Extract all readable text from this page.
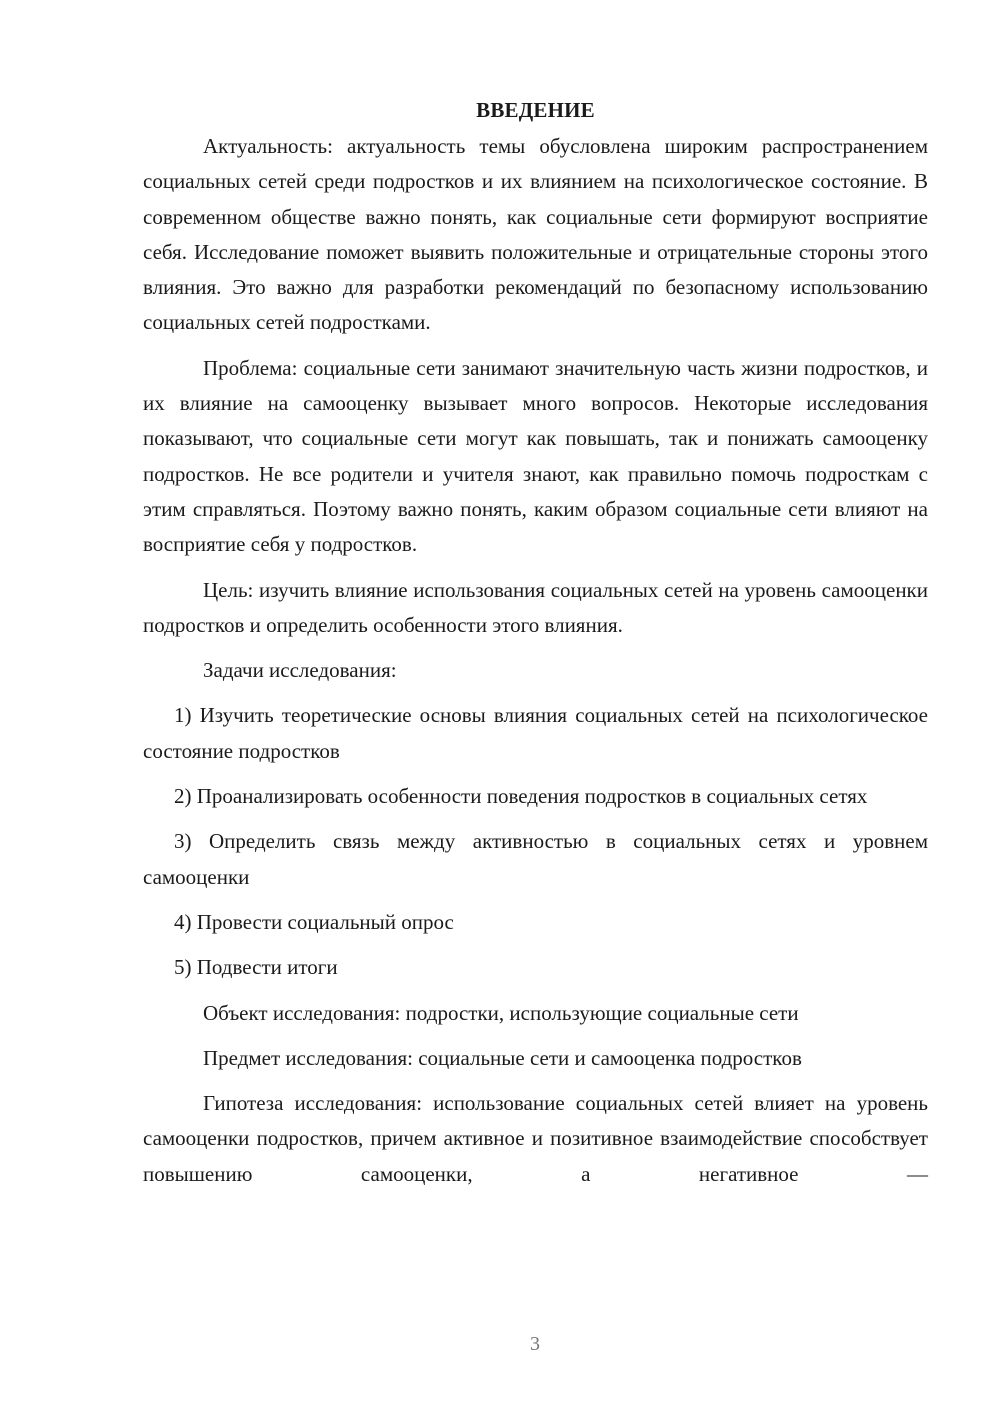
ВВЕДЕНИЕ

Актуальность: актуальность темы обусловлена широким распространением социальных сетей среди подростков и их влиянием на психологическое состояние. В современном обществе важно понять, как социальные сети формируют восприятие себя. Исследование поможет выявить положительные и отрицательные стороны этого влияния. Это важно для разработки рекомендаций по безопасному использованию социальных сетей подростками.

Проблема: социальные сети занимают значительную часть жизни подростков, и их влияние на самооценку вызывает много вопросов. Некоторые исследования показывают, что социальные сети могут как повышать, так и понижать самооценку подростков. Не все родители и учителя знают, как правильно помочь подросткам с этим справляться. Поэтому важно понять, каким образом социальные сети влияют на восприятие себя у подростков.

Цель: изучить влияние использования социальных сетей на уровень самооценки подростков и определить особенности этого влияния.

Задачи исследования:

1) Изучить теоретические основы влияния социальных сетей на психологическое состояние подростков

2) Проанализировать особенности поведения подростков в социальных сетях

3) Определить связь между активностью в социальных сетях и уровнем самооценки

4) Провести социальный опрос

5) Подвести итоги

Объект исследования: подростки, использующие социальные сети

Предмет исследования: социальные сети и самооценка подростков

Гипотеза исследования: использование социальных сетей влияет на уровень самооценки подростков, причем активное и позитивное взаимодействие способствует повышению самооценки, а негативное —

3
